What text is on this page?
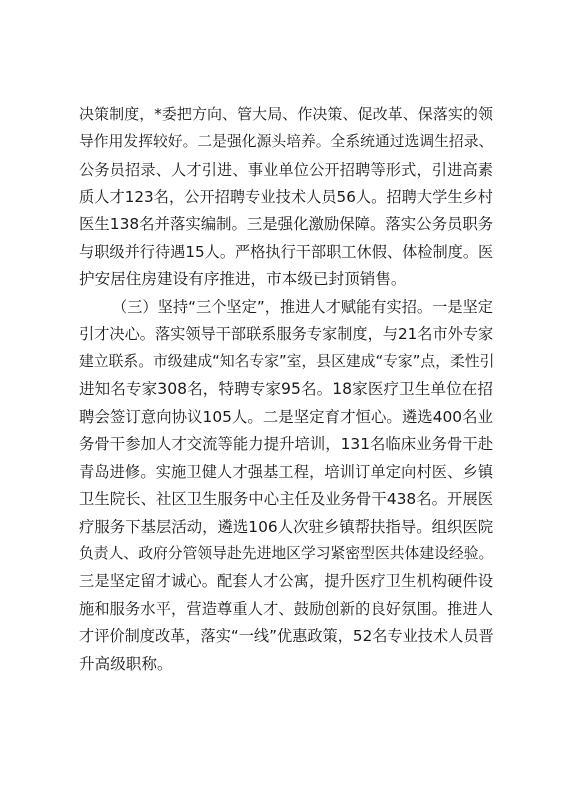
决策制度，*委把方向、管大局、作决策、促改革、保落实的领
导作用发挥较好。二是强化源头培养。全系统通过选调生招录、
公务员招录、人才引进、事业单位公开招聘等形式，引进高素
质人才123名，公开招聘专业技术人员56人。招聘大学生乡村
医生138名并落实编制。三是强化激励保障。落实公务员职务
与职级并行待遇15人。严格执行干部职工休假、体检制度。医
护安居住房建设有序推进，市本级已封顶销售。
（三）坚持“三个坚定”，推进人才赋能有实招。一是坚定
引才决心。落实领导干部联系服务专家制度，与21名市外专家
建立联系。市级建成“知名专家”室，县区建成“专家”点，柔性引
进知名专家308名，特聘专家95名。18家医疗卫生单位在招
聘会签订意向协议105人。二是坚定育才恒心。遴选400名业
务骨干参加人才交流等能力提升培训，131名临床业务骨干赴
青岛进修。实施卫健人才强基工程，培训订单定向村医、乡镇
卫生院长、社区卫生服务中心主任及业务骨干438名。开展医
疗服务下基层活动，遴选106人次驻乡镇帮扶指导。组织医院
负责人、政府分管领导赴先进地区学习紧密型医共体建设经验。
三是坚定留才诚心。配套人才公寓，提升医疗卫生机构硬件设
施和服务水平，营造尊重人才、鼓励创新的良好氛围。推进人
才评价制度改革，落实“一线”优惠政策，52名专业技术人员晋
升高级职称。
